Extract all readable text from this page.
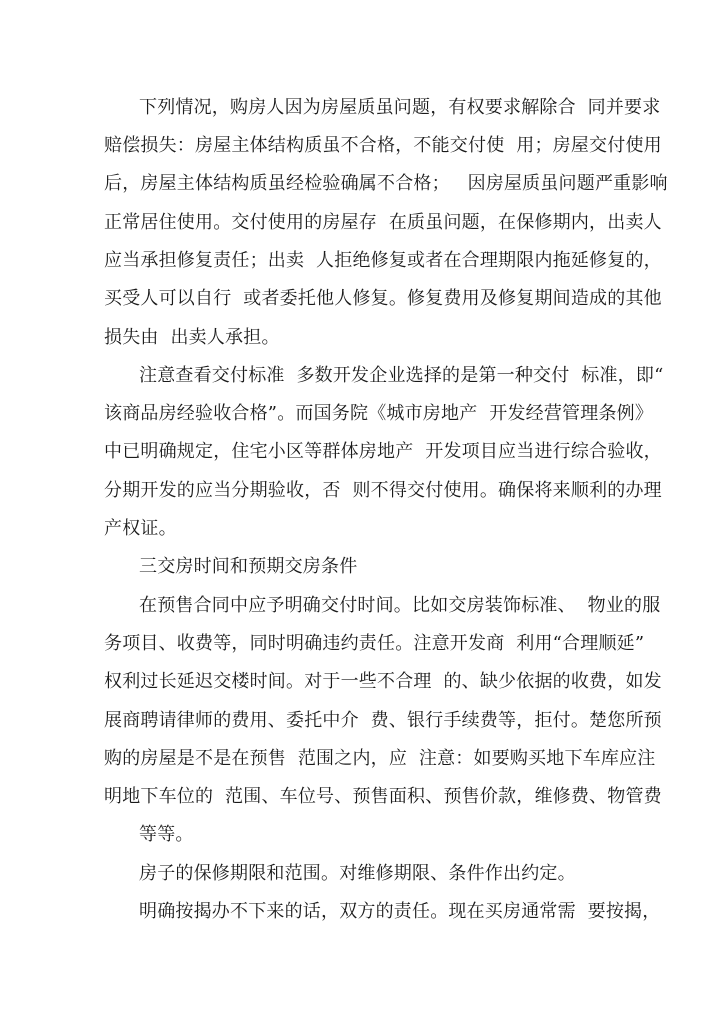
下列情况，购房人因为房屋质虽问题，有权要求解除合  同并要求

赔偿损失：房屋主体结构质虽不合格，不能交付使  用；房屋交付使用

后，房屋主体结构质虽经检验确属不合格；   因房屋质虽问题严重影响

正常居住使用。交付使用的房屋存  在质虽问题，在保修期内，出卖人

应当承担修复责任；出卖  人拒绝修复或者在合理期限内拖延修复的，

买受人可以自行  或者委托他人修复。修复费用及修复期间造成的其他

损失由  出卖人承担。

注意查看交付标准  多数开发企业选择的是第一种交付  标准，即“

该商品房经验收合格”。而国务院《城市房地产  开发经营管理条例》

中已明确规定，住宅小区等群体房地产  开发项目应当进行综合验收，

分期开发的应当分期验收，否  则不得交付使用。确保将来顺利的办理

产权证。

三交房时间和预期交房条件

在预售合同中应予明确交付时间。比如交房装饰标准、  物业的服

务项目、收费等，同时明确违约责任。注意开发商  利用“合理顺延”

权利过长延迟交楼时间。对于一些不合理  的、缺少依据的收费，如发

展商聘请律师的费用、委托中介  费、银行手续费等，拒付。楚您所预

购的房屋是不是在预售  范围之内，应  注意：如要购买地下车库应注

明地下车位的  范围、车位号、预售面积、预售价款，维修费、物管费

等等。

房子的保修期限和范围。对维修期限、条件作出约定。

明确按揭办不下来的话，双方的责任。现在买房通常需  要按揭，
